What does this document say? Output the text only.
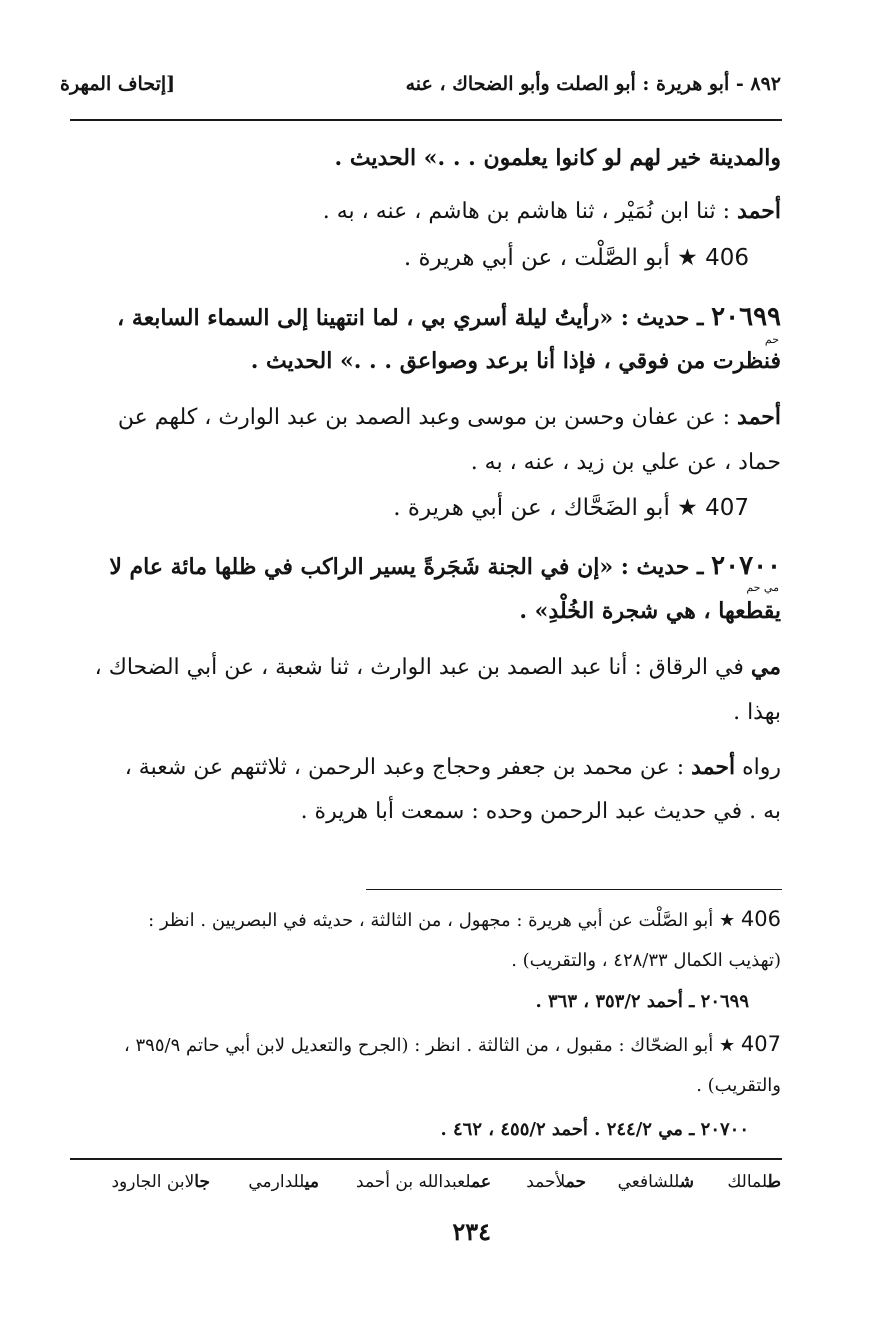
٨٩٢ - أبو هريرة : أبو الصلت وأبو الضحاك ، عنه
[إتحاف المهرة
والمدينة خير لهم لو كانوا يعلمون . . .» الحديث .
أحمد : ثنا ابن نُمَيْر ، ثنا هاشم بن هاشم ، عنه ، به .
406 ★ أبو الصَّلْت ، عن أبي هريرة .
٢٠٦٩٩ ـ حديث : «رأيتُ ليلة أسري بي ، لما انتهينا إلى السماء السابعة ،
حم
فنظرت من فوقي ، فإذا أنا برعد وصواعق . . .» الحديث .
أحمد : عن عفان وحسن بن موسى وعبد الصمد بن عبد الوارث ، كلهم عن
حماد ، عن علي بن زيد ، عنه ، به .
407 ★ أبو الضَحَّاك ، عن أبي هريرة .
٢٠٧٠٠ ـ حديث : «إن في الجنة شَجَرةً يسير الراكب في ظلها مائة عام لا
مي حم
يقطعها ، هي شجرة الخُلْدِ» .
مي في الرقاق : أنا عبد الصمد بن عبد الوارث ، ثنا شعبة ، عن أبي الضحاك ،
بهذا .
رواه أحمد : عن محمد بن جعفر وحجاج وعبد الرحمن ، ثلاثتهم عن شعبة ،
به . في حديث عبد الرحمن وحده : سمعت أبا هريرة .
406 ★ أبو الصَّلْت عن أبي هريرة : مجهول ، من الثالثة ، حديثه في البصريين . انظر :
(تهذيب الكمال ٤٢٨/٣٣ ، والتقريب) .
٢٠٦٩٩ ـ أحمد ٣٥٣/٢ ، ٣٦٣ .
407 ★ أبو الضحّاك : مقبول ، من الثالثة . انظر : (الجرح والتعديل لابن أبي حاتم ٣٩٥/٩ ،
والتقريب) .
٢٠٧٠٠ ـ مي ٢٤٤/٢ . أحمد ٤٥٥/٢ ، ٤٦٢ .
طلمالك
شللشافعي
حملأحمد
عملعبدالله بن أحمد
ميللدارمي
جالابن الجارود
٢٣٤
